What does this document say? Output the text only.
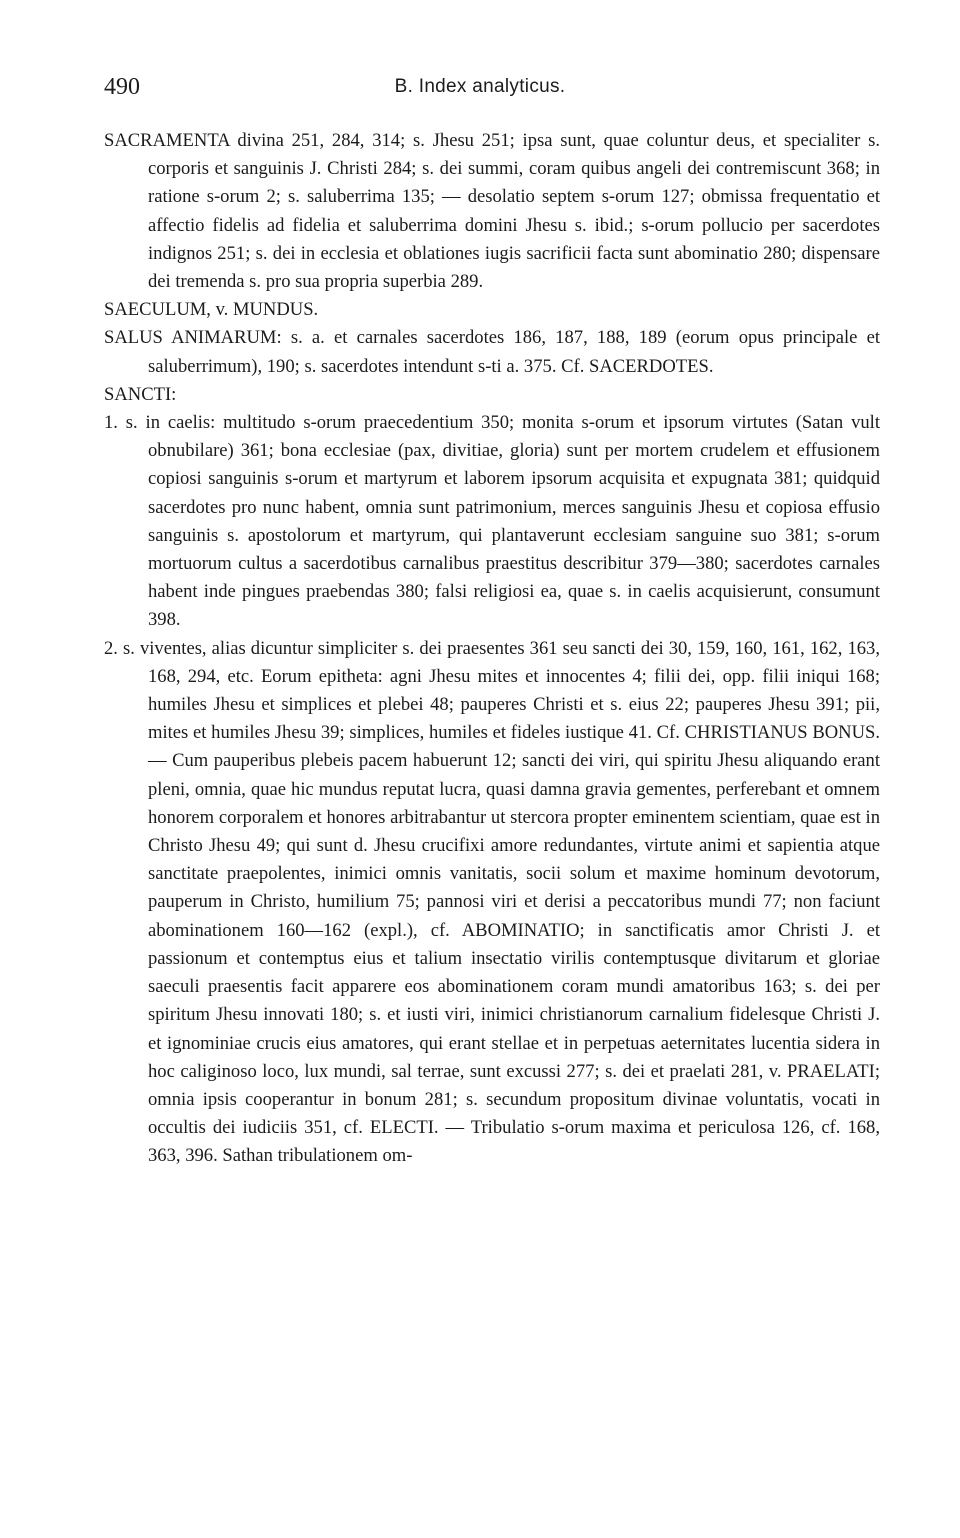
490	B. Index analyticus.

SACRAMENTA divina 251, 284, 314; s. Jhesu 251; ipsa sunt, quae coluntur deus, et specialiter s. corporis et sanguinis J. Christi 284; s. dei summi, coram quibus angeli dei contremiscunt 368; in ratione s-orum 2; s. saluberrima 135; — desolatio septem s-orum 127; obmissa frequentatio et affectio fidelis ad fidelia et saluberrima domini Jhesu s. ibid.; s-orum pollucio per sacerdotes indignos 251; s. dei in ecclesia et oblationes iugis sacrificii facta sunt abominatio 280; dispensare dei tremenda s. pro sua propria superbia 289.

SAECULUM, v. MUNDUS.

SALUS ANIMARUM: s. a. et carnales sacerdotes 186, 187, 188, 189 (eorum opus principale et saluberrimum), 190; s. sacerdotes intendunt s-ti a. 375. Cf. SACERDOTES.

SANCTI:

1. s. in caelis: multitudo s-orum praecedentium 350; monita s-orum et ipsorum virtutes (Satan vult obnubilare) 361; bona ecclesiae (pax, divitiae, gloria) sunt per mortem crudelem et effusionem copiosi sanguinis s-orum et martyrum et laborem ipsorum acquisita et expugnata 381; quidquid sacerdotes pro nunc habent, omnia sunt patrimonium, merces sanguinis Jhesu et copiosa effusio sanguinis s. apostolorum et martyrum, qui plantaverunt ecclesiam sanguine suo 381; s-orum mortuorum cultus a sacerdotibus carnalibus praestitus describitur 379—380; sacerdotes carnales habent inde pingues praebendas 380; falsi religiosi ea, quae s. in caelis acquisierunt, consumunt 398.

2. s. viventes, alias dicuntur simpliciter s. dei praesentes 361 seu sancti dei 30, 159, 160, 161, 162, 163, 168, 294, etc. Eorum epitheta: agni Jhesu mites et innocentes 4; filii dei, opp. filii iniqui 168; humiles Jhesu et simplices et plebei 48; pauperes Christi et s. eius 22; pauperes Jhesu 391; pii, mites et humiles Jhesu 39; simplices, humiles et fideles iustique 41. Cf. CHRISTIANUS BONUS. — Cum pauperibus plebeis pacem habuerunt 12; sancti dei viri, qui spiritu Jhesu aliquando erant pleni, omnia, quae hic mundus reputat lucra, quasi damna gravia gementes, perferebant et omnem honorem corporalem et honores arbitrabantur ut stercora propter eminentem scientiam, quae est in Christo Jhesu 49; qui sunt d. Jhesu crucifixi amore redundantes, virtute animi et sapientia atque sanctitate praepolentes, inimici omnis vanitatis, socii solum et maxime hominum devotorum, pauperum in Christo, humilium 75; pannosi viri et derisi a peccatoribus mundi 77; non faciunt abominationem 160—162 (expl.), cf. ABOMINATIO; in sanctificatis amor Christi J. et passionum et contemptus eius et talium insectatio virilis contemptusque divitarum et gloriae saeculi praesentis facit apparere eos abominationem coram mundi amatoribus 163; s. dei per spiritum Jhesu innovati 180; s. et iusti viri, inimici christianorum carnalium fidelesque Christi J. et ignominiae crucis eius amatores, qui erant stellae et in perpetuas aeternitates lucentia sidera in hoc caliginoso loco, lux mundi, sal terrae, sunt excussi 277; s. dei et praelati 281, v. PRAELATI; omnia ipsis cooperantur in bonum 281; s. secundum propositum divinae voluntatis, vocati in occultis dei iudiciis 351, cf. ELECTI. — Tribulatio s-orum maxima et periculosa 126, cf. 168, 363, 396. Sathan tribulationem om-
